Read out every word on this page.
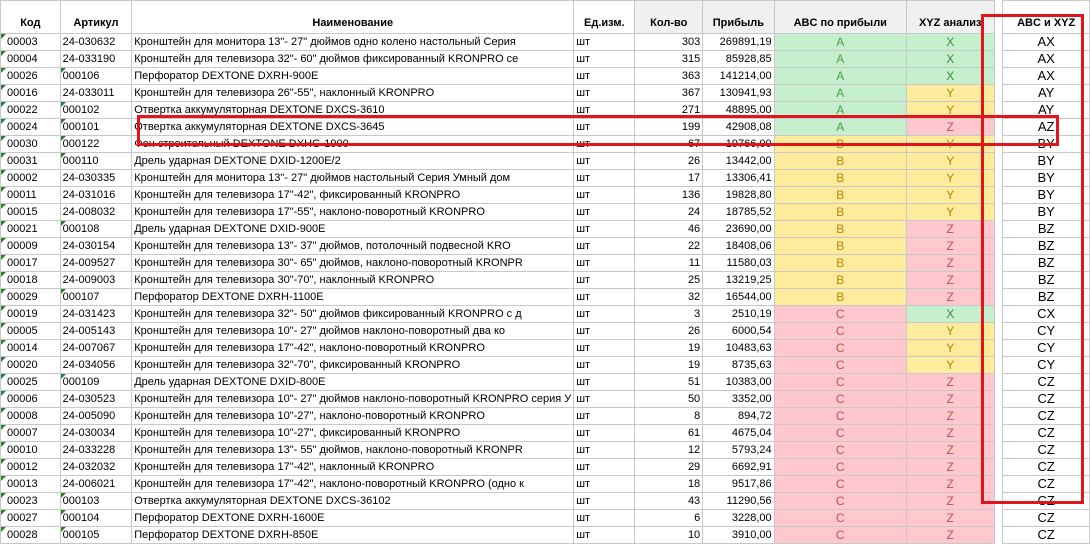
Код	Артикул	Наименование	Ед.изм.	Кол-во	Прибыль	ABC по прибыли	XYZ анализ		ABC и XYZ
00003	24-030632	Кронштейн для монитора 13"- 27" дюймов одно колено настольный Серия	шт	303	269891,19	A	X		AX
00004	24-033190	Кронштейн для телевизора 32"- 60" дюймов фиксированный KRONPRO се	шт	315	85928,85	A	X		AX
00026	000106	Перфоратор DEXTONE DXRH-900E	шт	363	141214,00	A	X		AX
00016	24-033011	Кронштейн для телевизора 26"-55", наклонный KRONPRO	шт	367	130941,93	A	Y		AY
00022	000102	Отвертка аккумуляторная DEXTONE DXCS-3610	шт	271	48895,00	A	Y		AY
00024	000101	Отвертка аккумуляторная DEXTONE DXCS-3645	шт	199	42908,08	A	Z		AZ
00030	000122	Фен строительный DEXTONE DXHG-1900	шт	67	19766,00	B	Y		BY
00031	000110	Дрель ударная DEXTONE DXID-1200E/2	шт	26	13442,00	B	Y		BY
00002	24-030335	Кронштейн для монитора 13"- 27" дюймов настольный Серия Умный дом	шт	17	13306,41	B	Y		BY
00011	24-031016	Кронштейн для телевизора 17"-42", фиксированный KRONPRO	шт	136	19828,80	B	Y		BY
00015	24-008032	Кронштейн для телевизора 17"-55", наклоно-поворотный KRONPRO	шт	24	18785,52	B	Y		BY
00021	000108	Дрель ударная DEXTONE DXID-900E	шт	46	23690,00	B	Z		BZ
00009	24-030154	Кронштейн для телевизора 13"- 37" дюймов, потолочный подвесной KRO	шт	22	18408,06	B	Z		BZ
00017	24-009527	Кронштейн для телевизора 30"- 65" дюймов, наклоно-поворотный KRONPR	шт	11	11580,03	B	Z		BZ
00018	24-009003	Кронштейн для телевизора 30"-70", наклонный KRONPRO	шт	25	13219,25	B	Z		BZ
00029	000107	Перфоратор DEXTONE DXRH-1100E	шт	32	16544,00	B	Z		BZ
00019	24-031423	Кронштейн для телевизора 32"- 50" дюймов фиксированный KRONPRO с д	шт	3	2510,19	C	X		CX
00005	24-005143	Кронштейн для телевизора 10"- 27" дюймов наклоно-поворотный два ко	шт	26	6000,54	C	Y		CY
00014	24-007067	Кронштейн для телевизора 17"-42", наклоно-поворотный KRONPRO	шт	19	10483,63	C	Y		CY
00020	24-034056	Кронштейн для телевизора 32"-70", фиксированный KRONPRO	шт	19	8735,63	C	Y		CY
00025	000109	Дрель ударная DEXTONE DXID-800E	шт	51	10383,00	C	Z		CZ
00006	24-030523	Кронштейн для телевизора 10"- 27" дюймов наклоно-поворотный KRONPRO серия У	шт	50	3352,00	C	Z		CZ
00008	24-005090	Кронштейн для телевизора 10"-27", наклоно-поворотный KRONPRO	шт	8	894,72	C	Z		CZ
00007	24-030034	Кронштейн для телевизора 10"-27", фиксированный KRONPRO	шт	61	4675,04	C	Z		CZ
00010	24-033228	Кронштейн для телевизора 13"- 55" дюймов, наклоно-поворотный KRONPR	шт	12	5793,24	C	Z		CZ
00012	24-032032	Кронштейн для телевизора 17"-42", наклонный KRONPRO	шт	29	6692,91	C	Z		CZ
00013	24-006021	Кронштейн для телевизора 17"-42", наклоно-поворотный KRONPRO (одно к	шт	18	9517,86	C	Z		CZ
00023	000103	Отвертка аккумуляторная DEXTONE DXCS-36102	шт	43	11290,56	C	Z		CZ
00027	000104	Перфоратор DEXTONE DXRH-1600E	шт	6	3228,00	C	Z		CZ
00028	000105	Перфоратор DEXTONE DXRH-850E	шт	10	3910,00	C	Z		CZ
